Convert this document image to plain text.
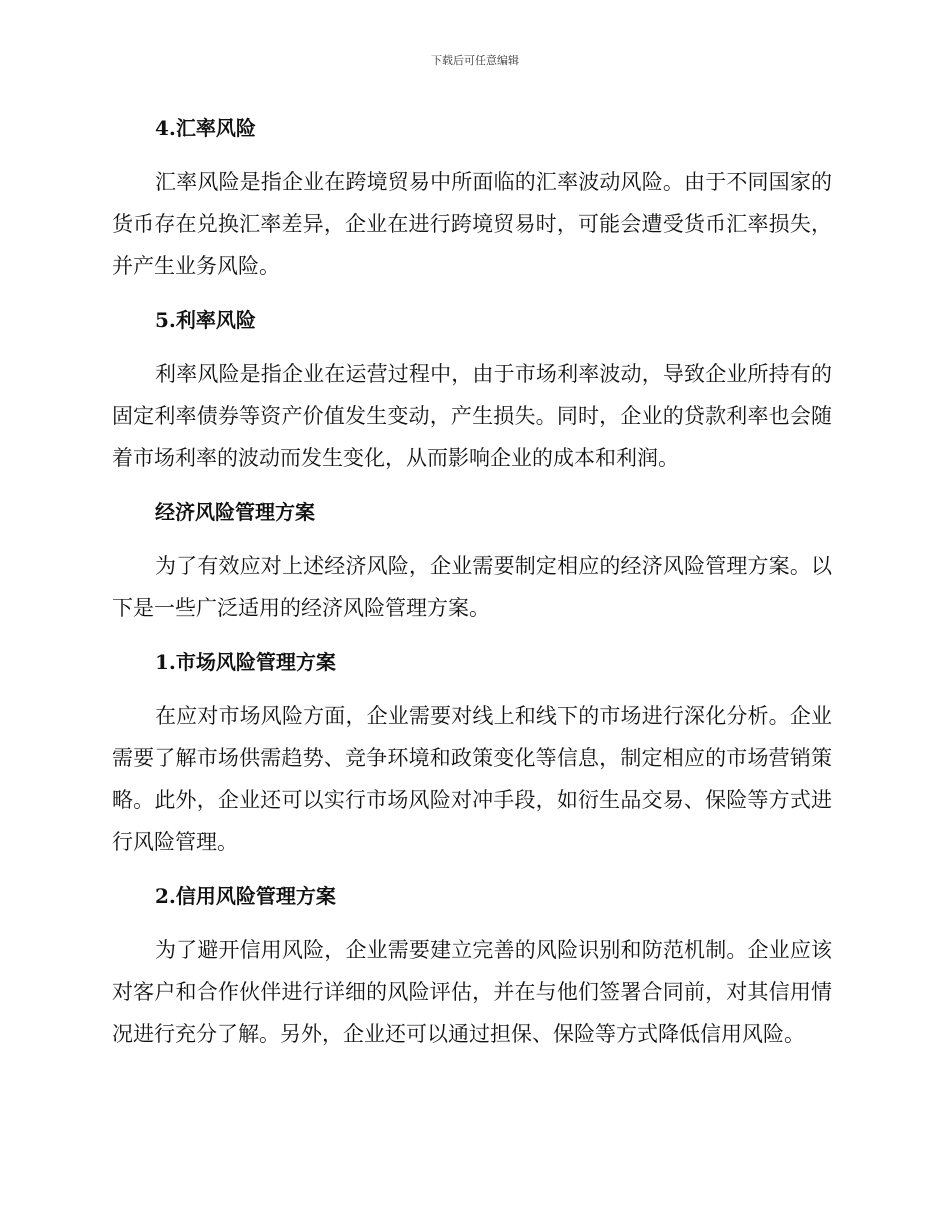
下载后可任意编辑
4.汇率风险

汇率风险是指企业在跨境贸易中所面临的汇率波动风险。由于不同国家的货币存在兑换汇率差异，企业在进行跨境贸易时，可能会遭受货币汇率损失，并产生业务风险。

5.利率风险

利率风险是指企业在运营过程中，由于市场利率波动，导致企业所持有的固定利率债券等资产价值发生变动，产生损失。同时，企业的贷款利率也会随着市场利率的波动而发生变化，从而影响企业的成本和利润。

经济风险管理方案

为了有效应对上述经济风险，企业需要制定相应的经济风险管理方案。以下是一些广泛适用的经济风险管理方案。

1.市场风险管理方案

在应对市场风险方面，企业需要对线上和线下的市场进行深化分析。企业需要了解市场供需趋势、竞争环境和政策变化等信息，制定相应的市场营销策略。此外，企业还可以实行市场风险对冲手段，如衍生品交易、保险等方式进行风险管理。

2.信用风险管理方案

为了避开信用风险，企业需要建立完善的风险识别和防范机制。企业应该对客户和合作伙伴进行详细的风险评估，并在与他们签署合同前，对其信用情况进行充分了解。另外，企业还可以通过担保、保险等方式降低信用风险。
